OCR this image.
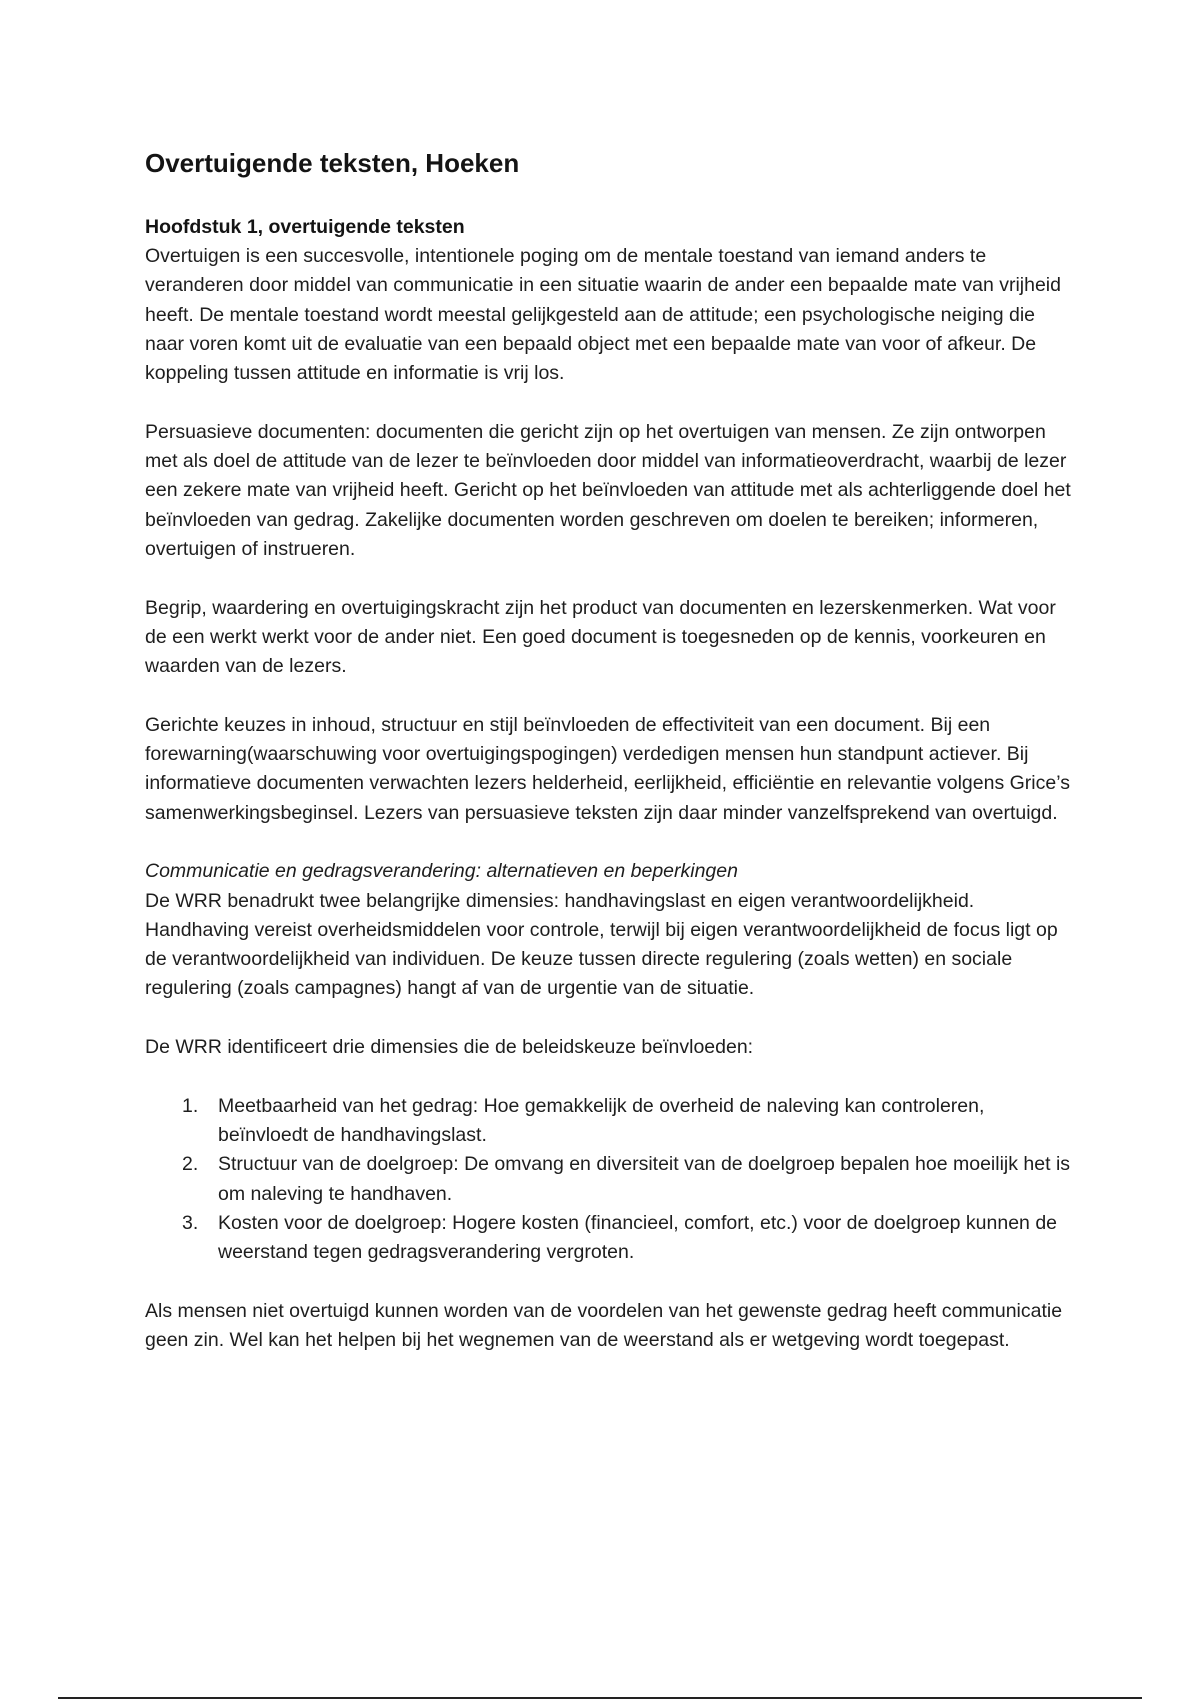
Overtuigende teksten, Hoeken
Hoofdstuk 1, overtuigende teksten

Overtuigen is een succesvolle, intentionele poging om de mentale toestand van iemand anders te veranderen door middel van communicatie in een situatie waarin de ander een bepaalde mate van vrijheid heeft. De mentale toestand wordt meestal gelijkgesteld aan de attitude; een psychologische neiging die naar voren komt uit de evaluatie van een bepaald object met een bepaalde mate van voor of afkeur. De koppeling tussen attitude en informatie is vrij los.

Persuasieve documenten: documenten die gericht zijn op het overtuigen van mensen. Ze zijn ontworpen met als doel de attitude van de lezer te beïnvloeden door middel van informatieoverdracht, waarbij de lezer een zekere mate van vrijheid heeft. Gericht op het beïnvloeden van attitude met als achterliggende doel het beïnvloeden van gedrag. Zakelijke documenten worden geschreven om doelen te bereiken; informeren, overtuigen of instrueren.

Begrip, waardering en overtuigingskracht zijn het product van documenten en lezerskenmerken. Wat voor de een werkt werkt voor de ander niet. Een goed document is toegesneden op de kennis, voorkeuren en waarden van de lezers.

Gerichte keuzes in inhoud, structuur en stijl beïnvloeden de effectiviteit van een document. Bij een forewarning(waarschuwing voor overtuigingspogingen) verdedigen mensen hun standpunt actiever. Bij informatieve documenten verwachten lezers helderheid, eerlijkheid, efficiëntie en relevantie volgens Grice’s samenwerkingsbeginsel. Lezers van persuasieve teksten zijn daar minder vanzelfsprekend van overtuigd.

Communicatie en gedragsverandering: alternatieven en beperkingen

De WRR benadrukt twee belangrijke dimensies: handhavingslast en eigen verantwoordelijkheid. Handhaving vereist overheidsmiddelen voor controle, terwijl bij eigen verantwoordelijkheid de focus ligt op de verantwoordelijkheid van individuen. De keuze tussen directe regulering (zoals wetten) en sociale regulering (zoals campagnes) hangt af van de urgentie van de situatie.

De WRR identificeert drie dimensies die de beleidskeuze beïnvloeden:

1. Meetbaarheid van het gedrag: Hoe gemakkelijk de overheid de naleving kan controleren, beïnvloedt de handhavingslast.
2. Structuur van de doelgroep: De omvang en diversiteit van de doelgroep bepalen hoe moeilijk het is om naleving te handhaven.
3. Kosten voor de doelgroep: Hogere kosten (financieel, comfort, etc.) voor de doelgroep kunnen de weerstand tegen gedragsverandering vergroten.

Als mensen niet overtuigd kunnen worden van de voordelen van het gewenste gedrag heeft communicatie geen zin. Wel kan het helpen bij het wegnemen van de weerstand als er wetgeving wordt toegepast.
